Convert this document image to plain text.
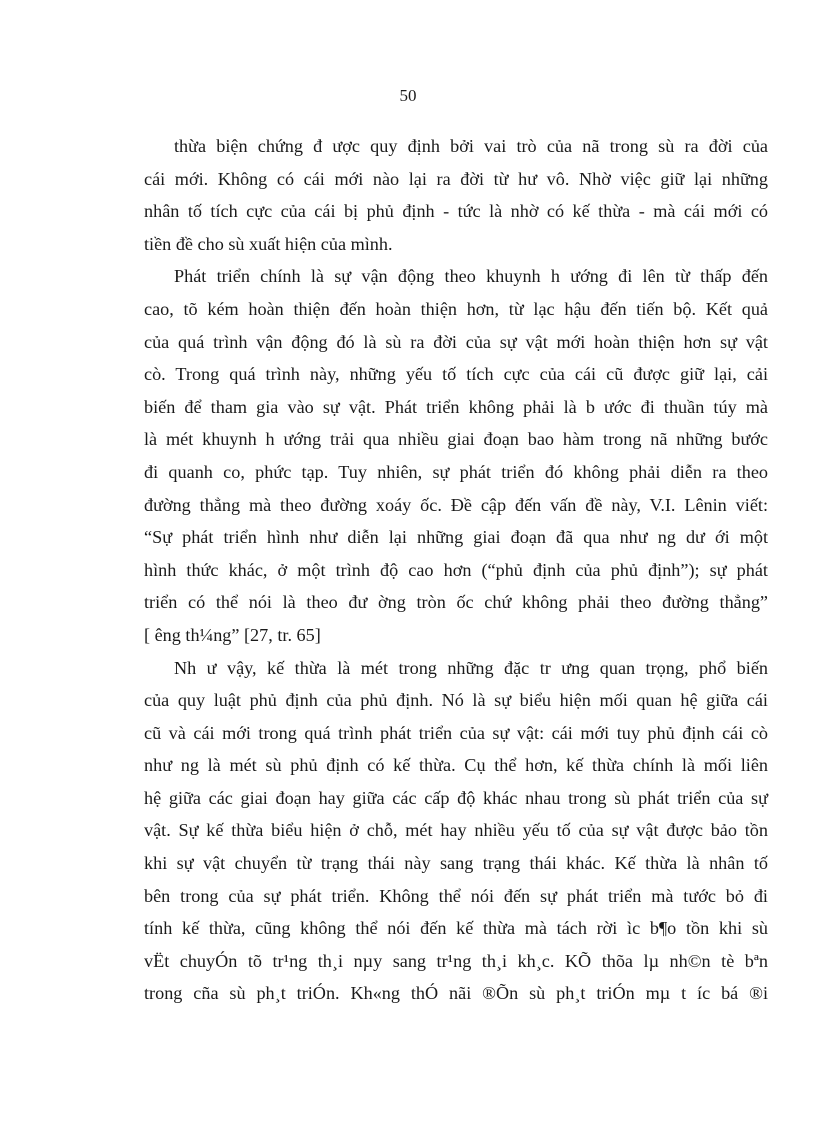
50
thừa biện chứng đ ược quy định bởi vai trò của nã trong sù ra đời của
cái mới. Không có cái mới nào lại ra đời từ hư vô. Nhờ việc giữ lại những
nhân tố tích cực của cái bị phủ định - tức là nhờ có kế thừa - mà cái mới có
tiền đề cho sù xuất hiện của mình.
Phát triển chính là sự vận động theo khuynh h ướng đi lên từ thấp đến
cao, tõ kém hoàn thiện đến hoàn thiện hơn, từ lạc hậu đến tiến bộ. Kết quả
của quá trình vận động đó là sù ra đời của sự vật mới hoàn thiện hơn sự vật
cò. Trong quá trình này, những yếu tố tích cực của cái cũ được giữ lại, cải
biến để tham gia vào sự vật. Phát triển không phải là b ước đi thuần túy mà
là mét khuynh h ướng trải qua nhiều giai đoạn bao hàm trong nã những bước
đi quanh co, phức tạp. Tuy nhiên, sự phát triển đó không phải diễn ra theo
đường thẳng mà theo đường xoáy ốc. Đề cập đến vấn đề này, V.I. Lênin viết:
“Sự phát triển hình như diễn lại những giai đoạn đã qua như ng dư ới một
hình thức khác, ở một trình độ cao hơn (“phủ định của phủ định”); sự phát
triển có thể nói là theo đư ờng tròn ốc chứ không phải theo đường thẳng”
[ êng th¼ng” [27, tr. 65]
Nh ư vậy, kế thừa là mét trong những đặc tr ưng quan trọng, phổ biến
của quy luật phủ định của phủ định. Nó là sự biểu hiện mối quan hệ giữa cái
cũ và cái mới trong quá trình phát triển của sự vật: cái mới tuy phủ định cái cò
như ng là mét sù phủ định có kế thừa. Cụ thể hơn, kế thừa chính là mối liên
hệ giữa các giai đoạn hay giữa các cấp độ khác nhau trong sù phát triển của sự
vật. Sự kế thừa biểu hiện ở chỗ, mét hay nhiều yếu tố của sự vật được bảo tồn
khi sự vật chuyển từ trạng thái này sang trạng thái khác. Kế thừa là nhân tố
bên trong của sự phát triển. Không thể nói đến sự phát triển mà tước bỏ đi
tính kế thừa, cũng không thể nói đến kế thừa mà tách rời ìc b¶o tồn khi sù
vËt chuyÓn tõ tr¹ng th¸i nµy sang tr¹ng th¸i kh¸c. KÕ thõa lµ nh©n tè bªn
trong cña sù ph¸t triÓn. Kh«ng thÓ nãi ®Õn sù ph¸t triÓn mµ t íc bá ®i
